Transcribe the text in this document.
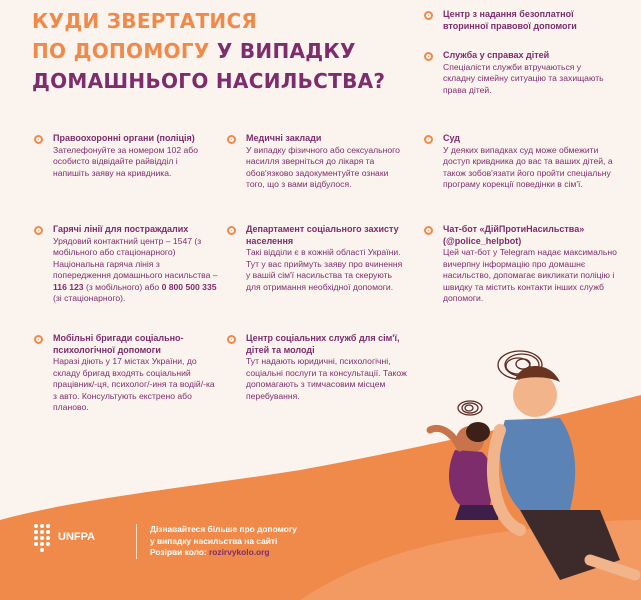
КУДИ ЗВЕРТАТИСЯ
ПО ДОПОМОГУ У ВИПАДКУ
ДОМАШНЬОГО НАСИЛЬСТВА?
Центр з надання безоплатної вторинної правової допомоги
Служба у справах дітей
Спеціалісти служби втручаються у складну сімейну ситуацію та захищають права дітей.
Правоохоронні органи (поліція)
Зателефонуйте за номером 102 або особисто відвідайте райвідділ і напишіть заяву на кривдника.
Медичні заклади
У випадку фізичного або сексуального насилля зверніться до лікаря та обов'язково задокументуйте ознаки того, що з вами відбулося.
Суд
У деяких випадках суд може обмежити доступ кривдника до вас та ваших дітей, а також зобов'язати його пройти спеціальну програму корекції поведінки в сім'ї.
Гарячі лінії для постраждалих
Урядовий контактний центр – 1547 (з мобільного або стаціонарного) Національна гаряча лінія з попередження домашнього насильства – 116 123 (з мобільного) або 0 800 500 335 (зі стаціонарного).
Департамент соціального захисту населення
Такі відділи є в кожній області України. Тут у вас приймуть заяву про вчинення у вашій сім'ї насильства та скерують для отримання необхідної допомоги.
Чат-бот «ДійПротиНасильства» (@police_helpbot)
Цей чат-бот у Telegram надає максимально вичерпну інформацію про домашнє насильство, допомагає викликати поліцію і швидку та містить контакти інших служб допомоги.
Мобільні бригади соціально-психологічної допомоги
Наразі діють у 17 містах України, до складу бригад входять соціальний працівник/-ця, психолог/-иня та водій/-ка з авто. Консультують екстрено або планово.
Центр соціальних служб для сім'ї, дітей та молоді
Тут надають юридичні, психологічні, соціальні послуги та консультації. Також допомагають з тимчасовим місцем перебування.
UNFPA
Дізнавайтеся більше про допомогу
у випадку насильства на сайті
Розірви коло: rozirvykolo.org
